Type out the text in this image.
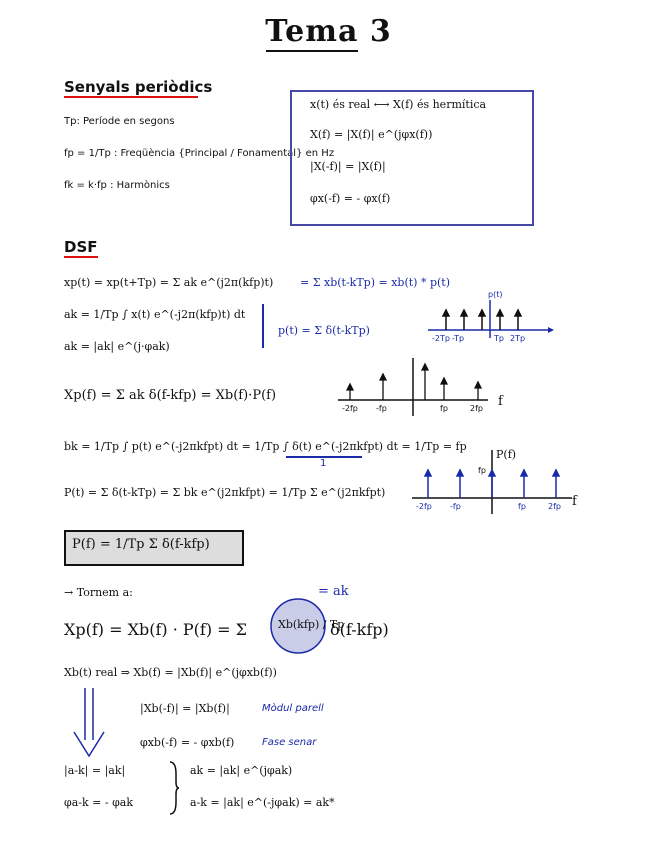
Tema 3
Senyals periòdics
Tp: Període en segons
fp = 1/Tp : Freqüència {Principal / Fonamental} en Hz
fk = k·fp : Harmònics
x(t) és real ⟷ X(f) és hermítica
X(f) = |X(f)| e^(jφx(f))
|X(-f)| = |X(f)|
φx(-f) = - φx(f)
DSF
xp(t) = xp(t+Tp) = Σ ak e^(j2π(kfp)t) = Σ xb(t-kTp) = xb(t) * p(t)
ak = 1/Tp ∫ x(t) e^(-j2π(kfp)t) dt
ak = |ak| e^(j·φak)
p(t) = Σ δ(t-kTp)
p(t)
-2Tp -Tp	Tp 2Tp
Xp(f) = Σ ak δ(f-kfp) = Xb(f)·P(f)
-2fp -fp	fp	2fp f
bk = 1/Tp ∫ p(t) e^(-j2πkfpt) dt = 1/Tp ∫ δ(t) e^(-j2πkfpt) dt = 1/Tp = fp
1
P(t) = Σ δ(t-kTp) = Σ bk e^(j2πkfpt) = 1/Tp Σ e^(j2πkfpt)
P(f)
fp
-2fp -fp	fp	2fp f
P(f) = 1/Tp Σ δ(f-kfp)
→ Tornem a:	= ak
Xp(f) = Xb(f) · P(f) = Σ	Xb(kfp) / Tp
δ(f-kfp)
Xb(t) real ⇒ Xb(f) = |Xb(f)| e^(jφxb(f))
|Xb(-f)| = |Xb(f)|	Mòdul parell
φxb(-f) = - φxb(f)	Fase senar
|a-k| = |ak|
φa-k = - φak
ak = |ak| e^(jφak)
a-k = |ak| e^(-jφak) = ak*
